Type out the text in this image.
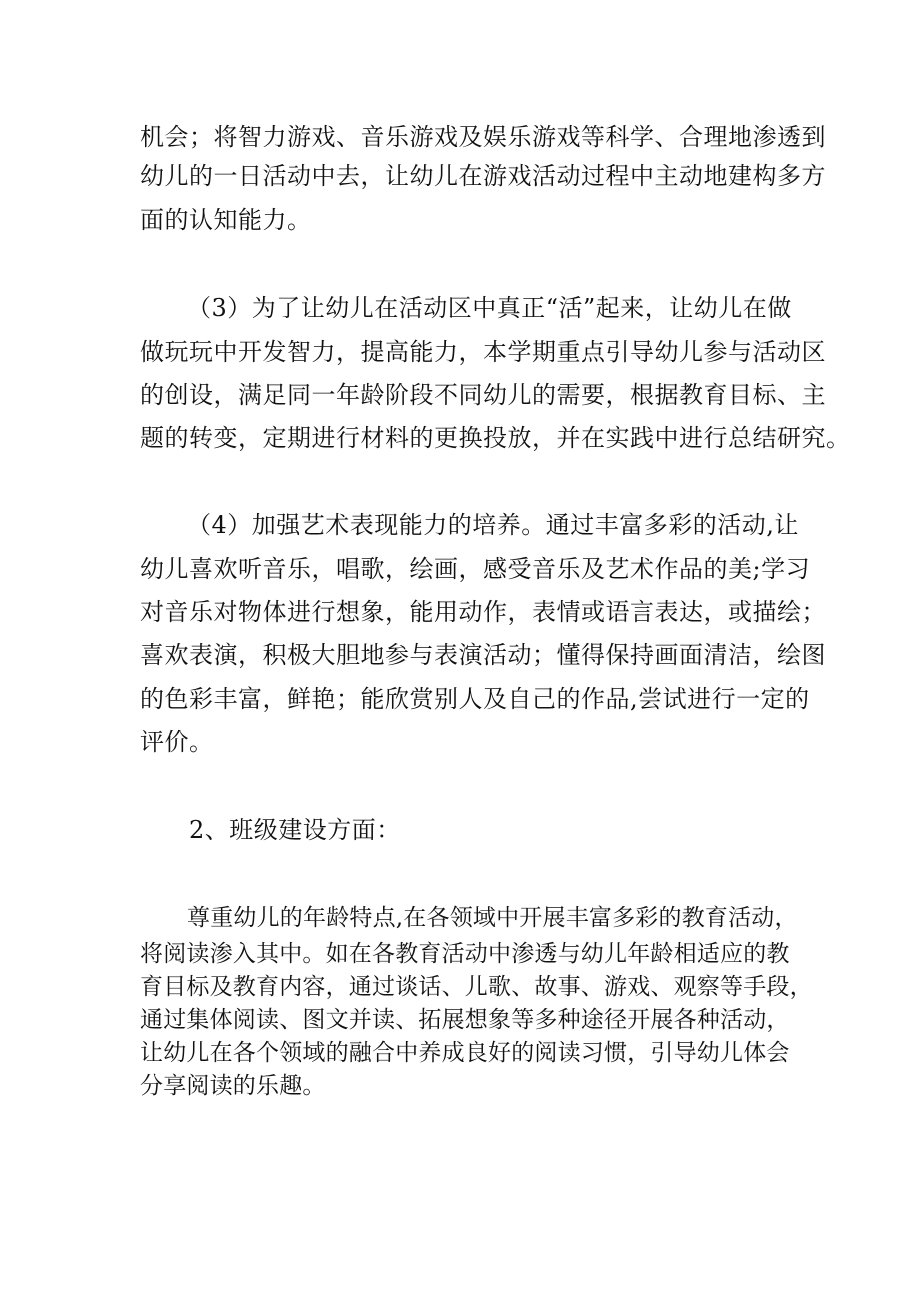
机会；将智力游戏、音乐游戏及娱乐游戏等科学、合理地渗透到
幼儿的一日活动中去，让幼儿在游戏活动过程中主动地建构多方
面的认知能力。
（3）为了让幼儿在活动区中真正“活”起来，让幼儿在做
做玩玩中开发智力，提高能力，本学期重点引导幼儿参与活动区
的创设，满足同一年龄阶段不同幼儿的需要，根据教育目标、主
题的转变，定期进行材料的更换投放，并在实践中进行总结研究。
（4）加强艺术表现能力的培养。通过丰富多彩的活动,让
幼儿喜欢听音乐，唱歌，绘画，感受音乐及艺术作品的美;学习
对音乐对物体进行想象，能用动作，表情或语言表达，或描绘；
喜欢表演，积极大胆地参与表演活动；懂得保持画面清洁，绘图
的色彩丰富，鲜艳；能欣赏别人及自己的作品,尝试进行一定的
评价。
2、班级建设方面：
尊重幼儿的年龄特点,在各领域中开展丰富多彩的教育活动，
将阅读渗入其中。如在各教育活动中渗透与幼儿年龄相适应的教
育目标及教育内容，通过谈话、儿歌、故事、游戏、观察等手段，
通过集体阅读、图文并读、拓展想象等多种途径开展各种活动，
让幼儿在各个领域的融合中养成良好的阅读习惯，引导幼儿体会
分享阅读的乐趣。
